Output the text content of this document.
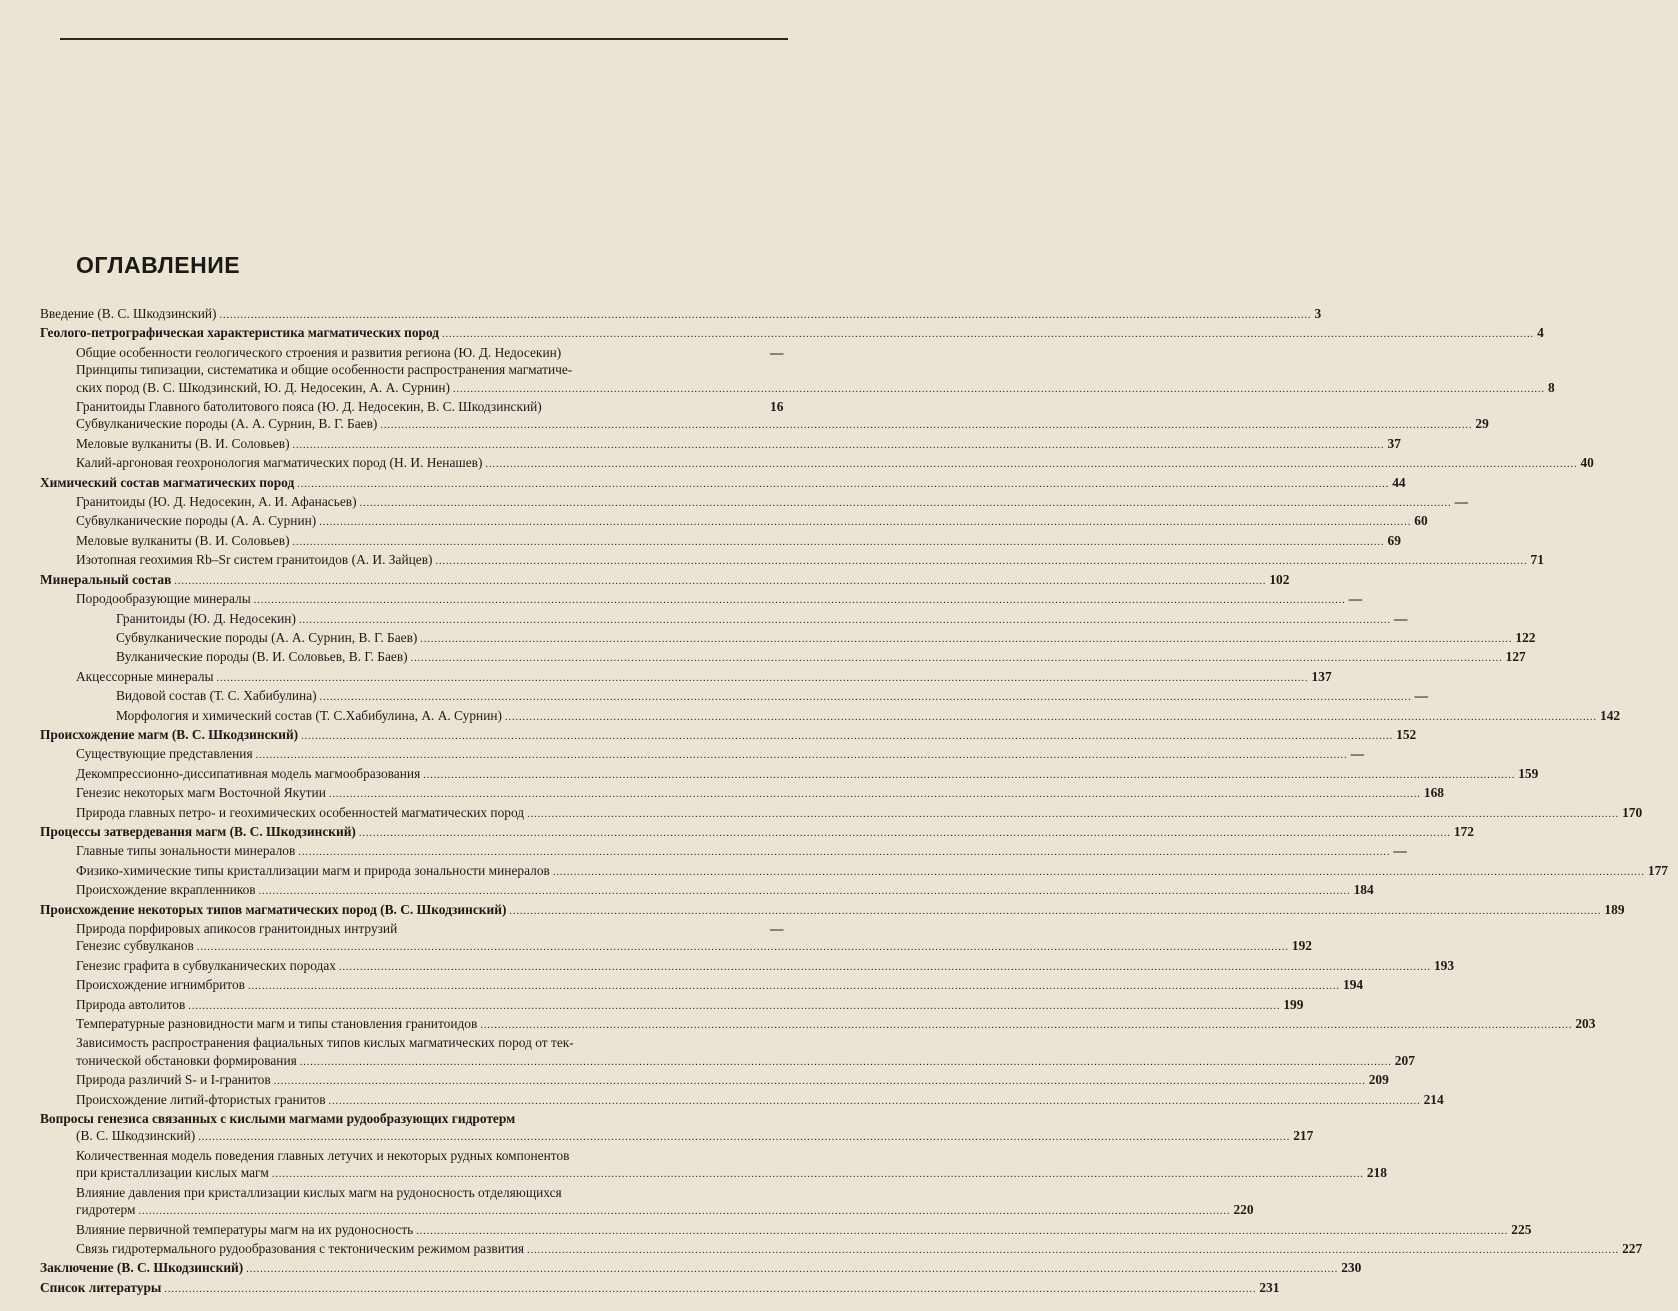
ОГЛАВЛЕНИЕ
Введение (В. С. Шкодзинский) .....	3
Геолого-петрографическая характеристика магматических пород .....	4
Общие особенности геологического строения и развития региона (Ю. Д. Недосекин)	—
Принципы типизации, систематика и общие особенности распространения магматиче-
ских пород (В. С. Шкодзинский, Ю. Д. Недосекин, А. А. Сурнин) .....	8
Гранитоиды Главного батолитового пояса (Ю. Д. Недосекин, В. С. Шкодзинский)	16
Субвулканические породы (А. А. Сурнин, В. Г. Баев) .....	29
Меловые вулканиты (В. И. Соловьев) .....	37
Калий-аргоновая геохронология магматических пород (Н. И. Ненашев) .....	40
Химический состав магматических пород .....	44
Гранитоиды (Ю. Д. Недосекин, А. И. Афанасьев) .....	—
Субвулканические породы (А. А. Сурнин) .....	60
Меловые вулканиты (В. И. Соловьев) .....	69
Изотопная геохимия Rb–Sr систем гранитоидов (А. И. Зайцев) .....	71
Минеральный состав .....	102
Породообразующие минералы .....	—
Гранитоиды (Ю. Д. Недосекин) .....	—
Субвулканические породы (А. А. Сурнин, В. Г. Баев) .....	122
Вулканические породы (В. И. Соловьев, В. Г. Баев) .....	127
Акцессорные минералы .....	137
Видовой состав (Т. С. Хабибулина) .....	—
Морфология и химический состав (Т. С.Хабибулина, А. А. Сурнин) .....	142
Происхождение магм (В. С. Шкодзинский) .....	152
Существующие представления .....	—
Декомпрессионно-диссипативная модель магмообразования .....	159
Генезис некоторых магм Восточной Якутии .....	168
Природа главных петро- и геохимических особенностей магматических пород .....	170
Процессы затвердевания магм (В. С. Шкодзинский) .....	172
Главные типы зональности минералов .....	—
Физико-химические типы кристаллизации магм и природа зональности минералов .....	177
Происхождение вкрапленников .....	184
Происхождение некоторых типов магматических пород (В. С. Шкодзинский) .....	189
Природа порфировых апикосов гранитоидных интрузий	—
Генезис субвулканов .....	192
Генезис графита в субвулканических породах .....	193
Происхождение игнимбритов .....	194
Природа автолитов .....	199
Температурные разновидности магм и типы становления гранитоидов .....	203
Зависимость распространения фациальных типов кислых магматических пород от тек-
тонической обстановки формирования .....	207
Природа различий S- и I-гранитов .....	209
Происхождение литий-фтористых гранитов .....	214
Вопросы генезиса связанных с кислыми магмами рудообразующих гидротерм
(В. С. Шкодзинский) .....	217
Количественная модель поведения главных летучих и некоторых рудных компонентов
при кристаллизации кислых магм .....	218
Влияние давления при кристаллизации кислых магм на рудоносность отделяющихся
гидротерм .....	220
Влияние первичной температуры магм на их рудоносность .....	225
Связь гидротермального рудообразования с тектоническим режимом развития .....	227
Заключение (В. С. Шкодзинский) .....	230
Список литературы .....	231
